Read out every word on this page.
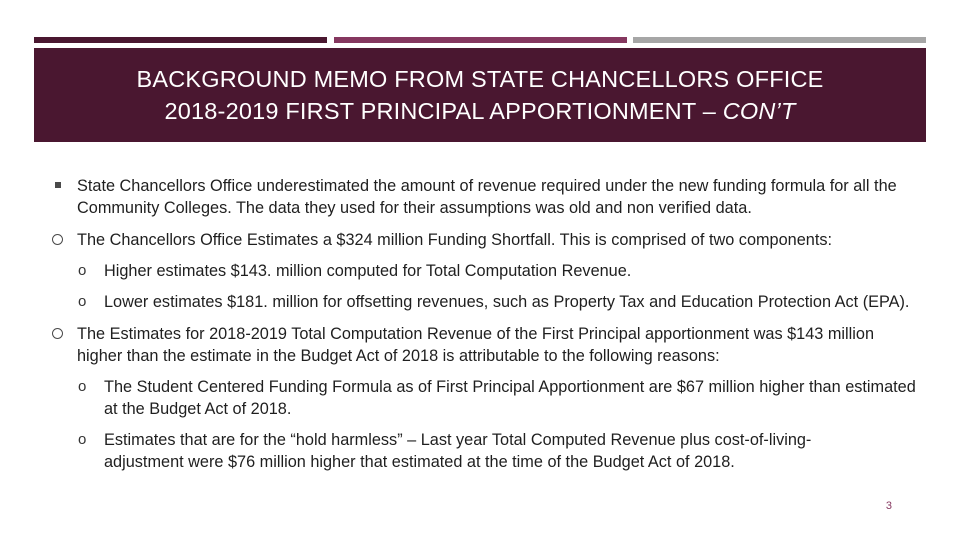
BACKGROUND MEMO FROM STATE CHANCELLORS OFFICE
2018-2019 FIRST PRINCIPAL APPORTIONMENT – CON’T
State Chancellors Office underestimated the amount of revenue required under the new funding formula for all the Community Colleges. The data they used for their assumptions was old and non verified data.
The Chancellors Office Estimates a $324 million Funding Shortfall. This is comprised of two components:
o Higher estimates $143. million computed for Total Computation Revenue.
o Lower estimates $181. million for offsetting revenues, such as Property Tax and Education Protection Act (EPA).
The Estimates for 2018-2019 Total Computation Revenue of the First Principal apportionment was $143 million higher than the estimate in the Budget Act of 2018 is attributable to the following reasons:
o The Student Centered Funding Formula as of First Principal Apportionment are $67 million higher than estimated at the Budget Act of 2018.
o Estimates that are for the “hold harmless” – Last year Total Computed Revenue plus cost-of-living-adjustment were $76 million higher that estimated at the time of the Budget Act of 2018.
3
